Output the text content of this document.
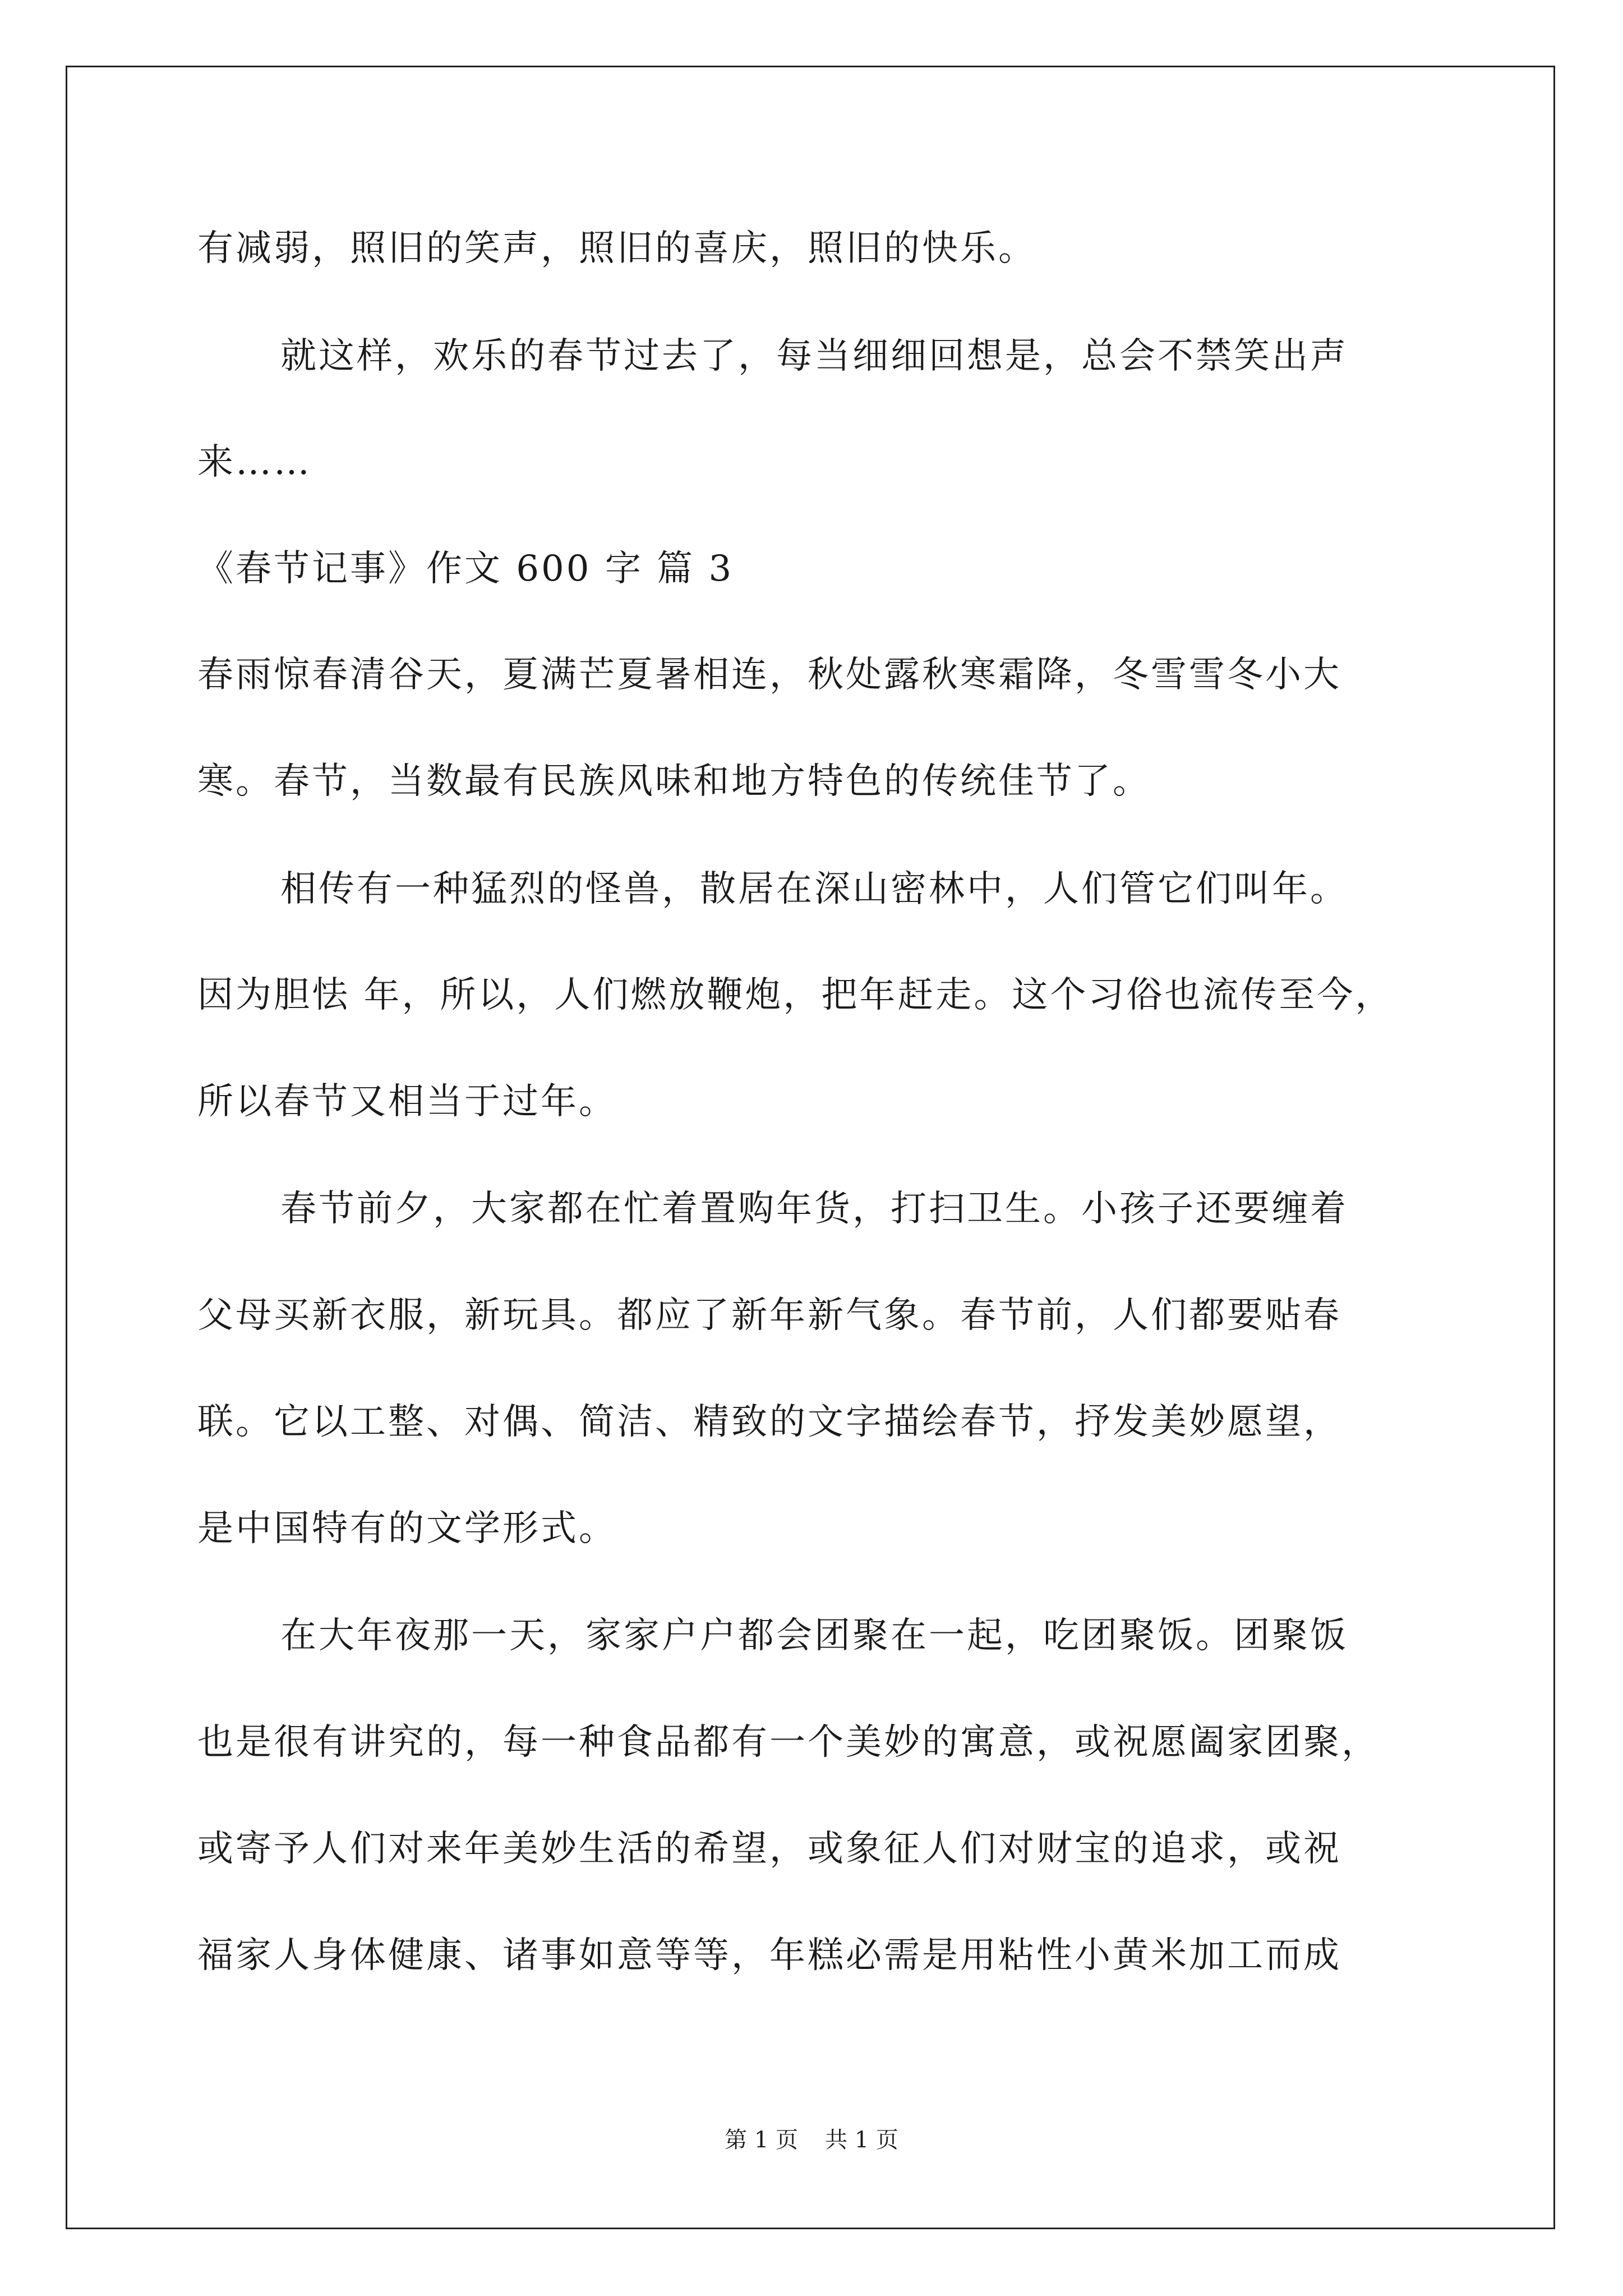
有减弱，照旧的笑声，照旧的喜庆，照旧的快乐。
就这样，欢乐的春节过去了，每当细细回想是，总会不禁笑出声
来……
《春节记事》作文 600 字 篇 3
春雨惊春清谷天，夏满芒夏暑相连，秋处露秋寒霜降，冬雪雪冬小大
寒。春节，当数最有民族风味和地方特色的传统佳节了。
相传有一种猛烈的怪兽，散居在深山密林中，人们管它们叫年。
因为胆怯 年，所以，人们燃放鞭炮，把年赶走。这个习俗也流传至今，
所以春节又相当于过年。
春节前夕，大家都在忙着置购年货，打扫卫生。小孩子还要缠着
父母买新衣服，新玩具。都应了新年新气象。春节前，人们都要贴春
联。它以工整、对偶、简洁、精致的文字描绘春节，抒发美妙愿望，
是中国特有的文学形式。
在大年夜那一天，家家户户都会团聚在一起，吃团聚饭。团聚饭
也是很有讲究的，每一种食品都有一个美妙的寓意，或祝愿阖家团聚，
或寄予人们对来年美妙生活的希望，或象征人们对财宝的追求，或祝
福家人身体健康、诸事如意等等，年糕必需是用粘性小黄米加工而成
第 1 页 共 1 页
